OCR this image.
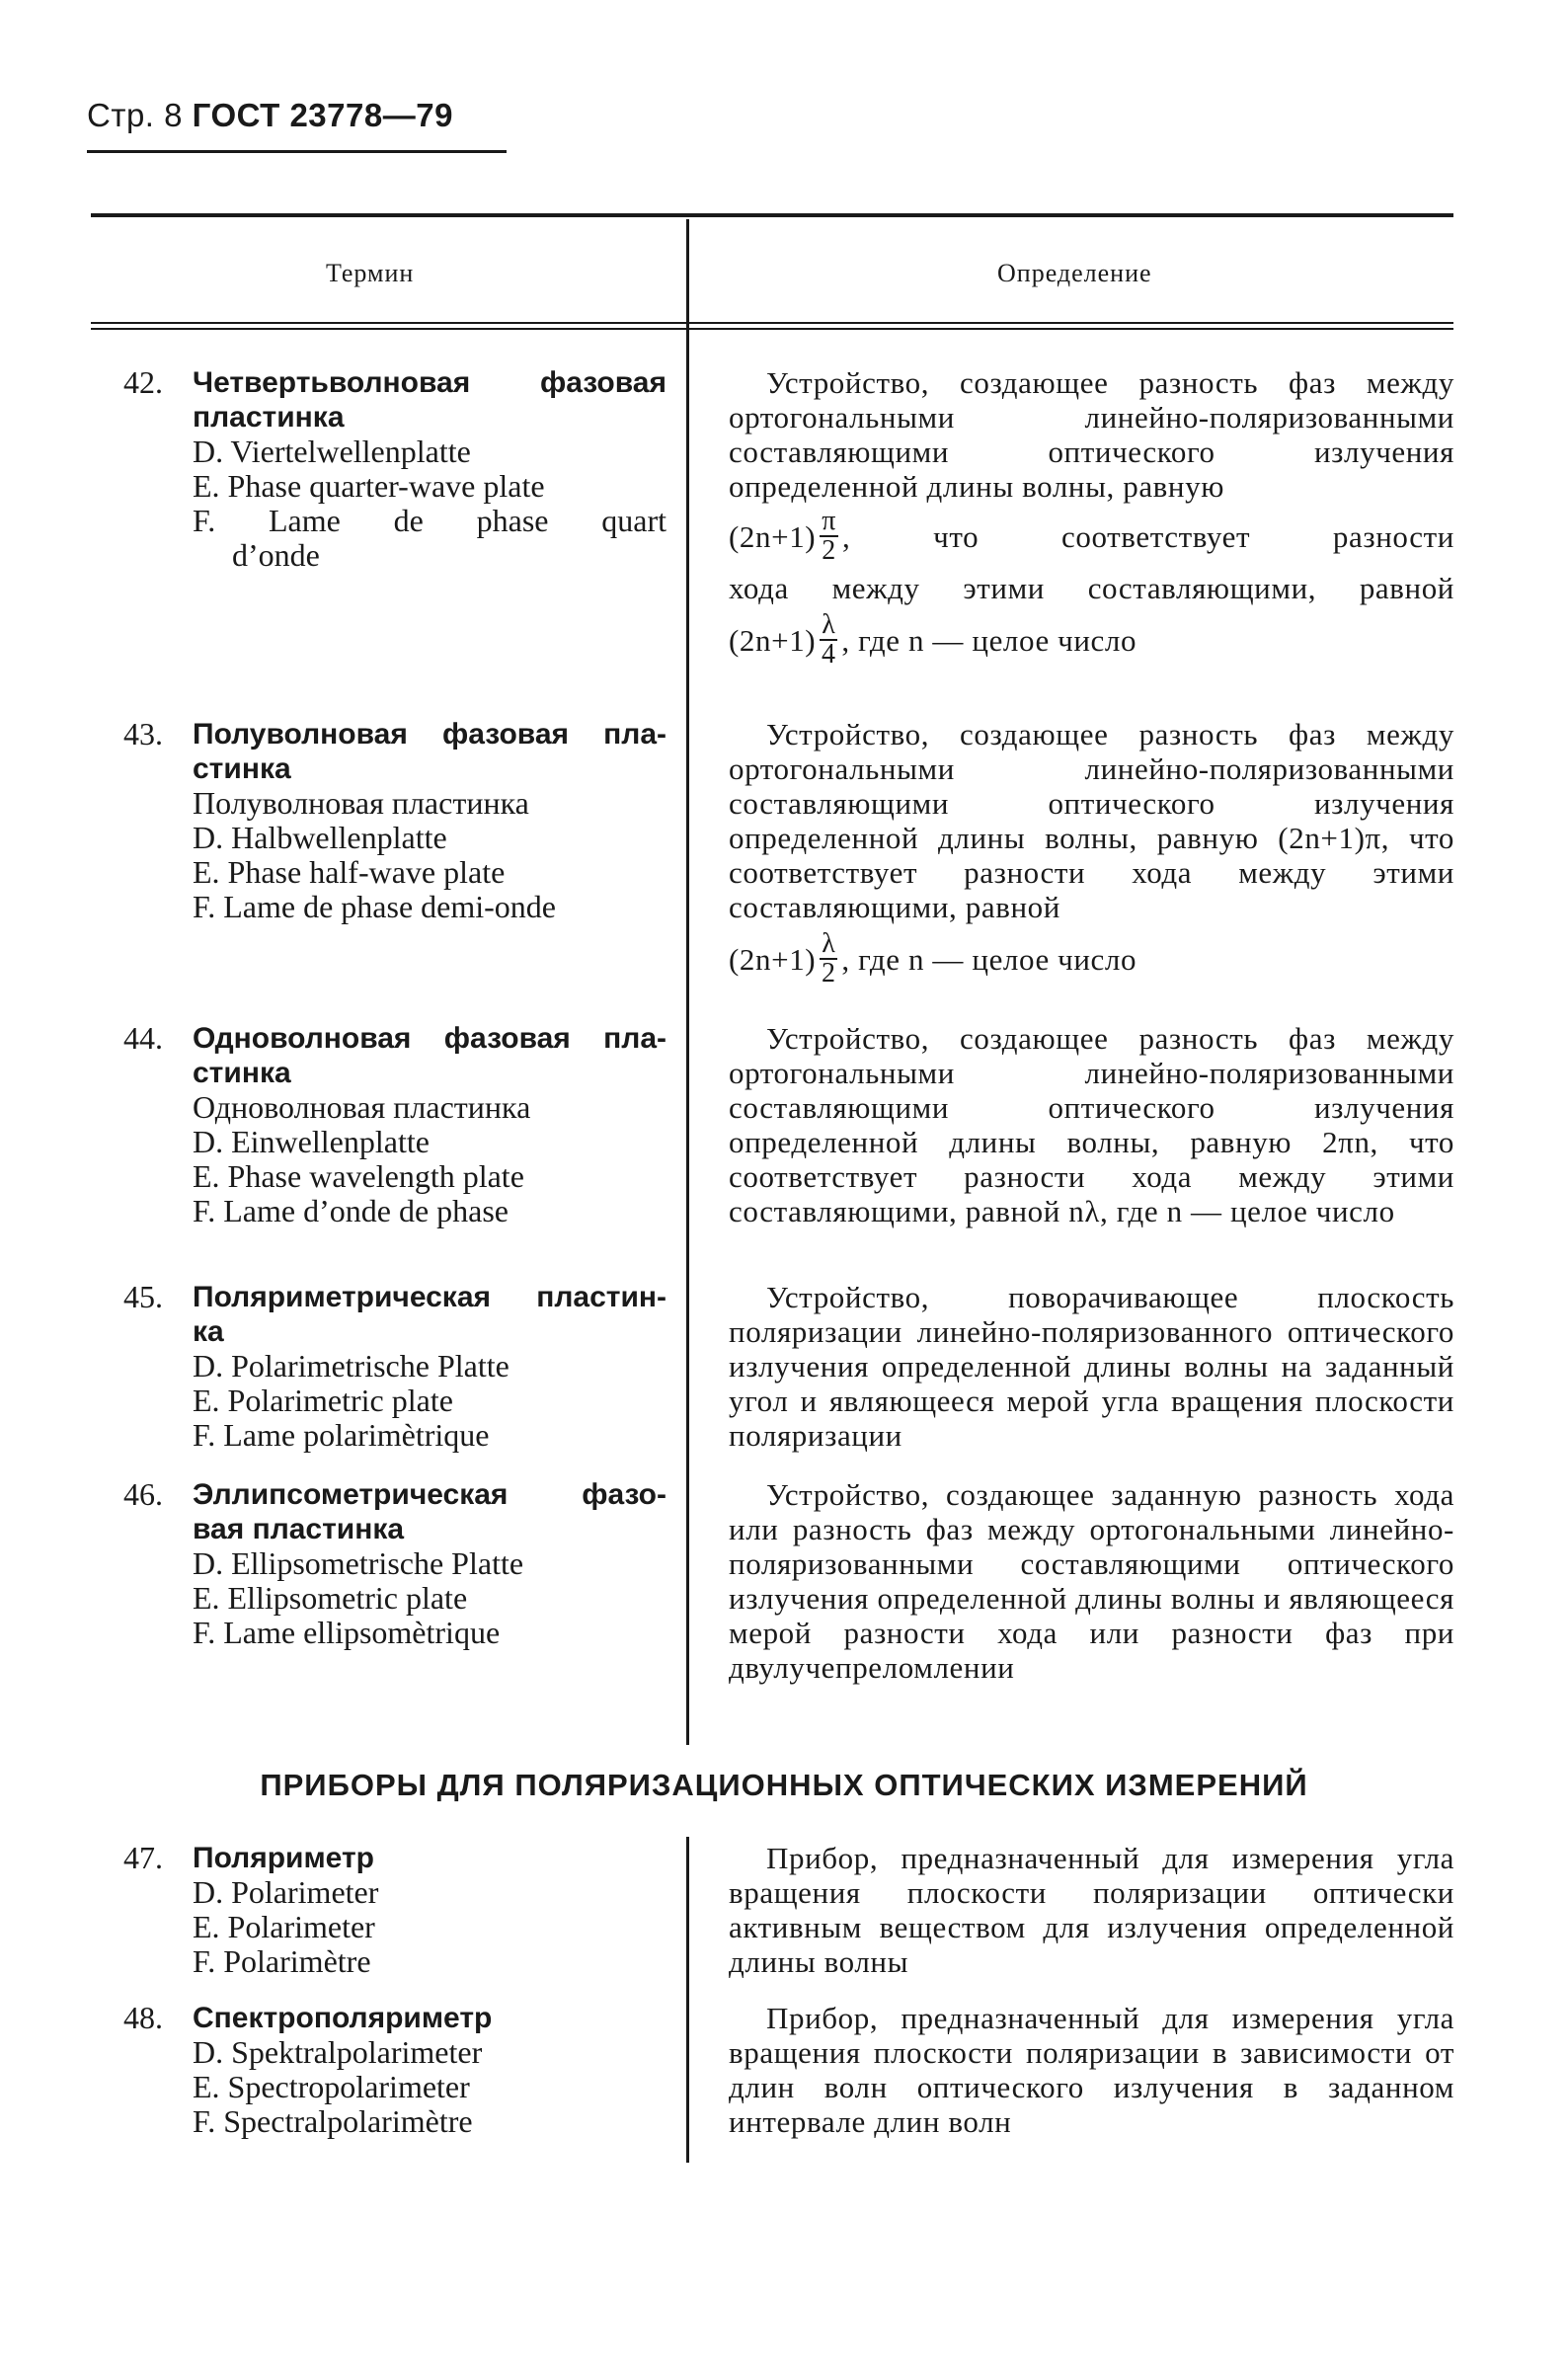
Стр. 8 ГОСТ 23778—79
Термин	Определение
42.	Четвертьволновая фазовая
пластинка
D. Viertelwellenplatte
E. Phase quarter-wave plate
F. Lame de phase quart
d’onde

Устройство, создающее разность фаз между ортогональными линейно-поляризованными составляющими оптического излучения определенной длины волны, равную

$(2n+1) \frac{\pi}{2}$ , что соответствует разности
хода между этими составляющими, равной
$(2n+1) \frac{\lambda}{4}$ , где n — целое число
43.	Полуволновая фазовая пла-
стинка
Полуволновая пластинка
D. Halbwellenplatte
E. Phase half-wave plate
F. Lame de phase demi-onde

Устройство, создающее разность фаз между ортогональными линейно-поляризованными составляющими оптического излучения определенной длины волны, равную (2n+1)π, что соответствует разности хода между этими составляющими, равной

$(2n+1) \frac{\lambda}{2}$ , где n — целое число
44.	Одноволновая фазовая пла-
стинка
Одноволновая пластинка
D. Einwellenplatte
E. Phase wavelength plate
F. Lame d’onde de phase

Устройство, создающее разность фаз между ортогональными линейно-поляризованными составляющими оптического излучения определенной длины волны, равную 2πn, что соответствует разности хода между этими составляющими, равной nλ, где n — целое число

45.	Поляриметрическая пластин-
ка
D. Polarimetrische Platte
E. Polarimetric plate
F. Lame polarimètrique

Устройство, поворачивающее плоскость поляризации линейно-поляризованного оптического излучения определенной длины волны на заданный угол и являющееся мерой угла вращения плоскости поляризации

46.	Эллипсометрическая фазо-
вая пластинка
D. Ellipsometrische Platte
E. Ellipsometric plate
F. Lame ellipsomètrique

Устройство, создающее заданную разность хода или разность фаз между ортогональными линейно-поляризованными составляющими оптического излучения определенной длины волны и являющееся мерой разности хода или разности фаз при двулучепреломлении

ПРИБОРЫ ДЛЯ ПОЛЯРИЗАЦИОННЫХ ОПТИЧЕСКИХ ИЗМЕРЕНИЙ
47.	Поляриметр
D. Polarimeter
E. Polarimeter
F. Polarimètre

Прибор, предназначенный для измерения угла вращения плоскости поляризации оптически активным веществом для излучения определенной длины волны

48.	Спектрополяриметр
D. Spektralpolarimeter
E. Spectropolarimeter
F. Spectralpolarimètre

Прибор, предназначенный для измерения угла вращения плоскости поляризации в зависимости от длин волн оптического излучения в заданном интервале длин волн
